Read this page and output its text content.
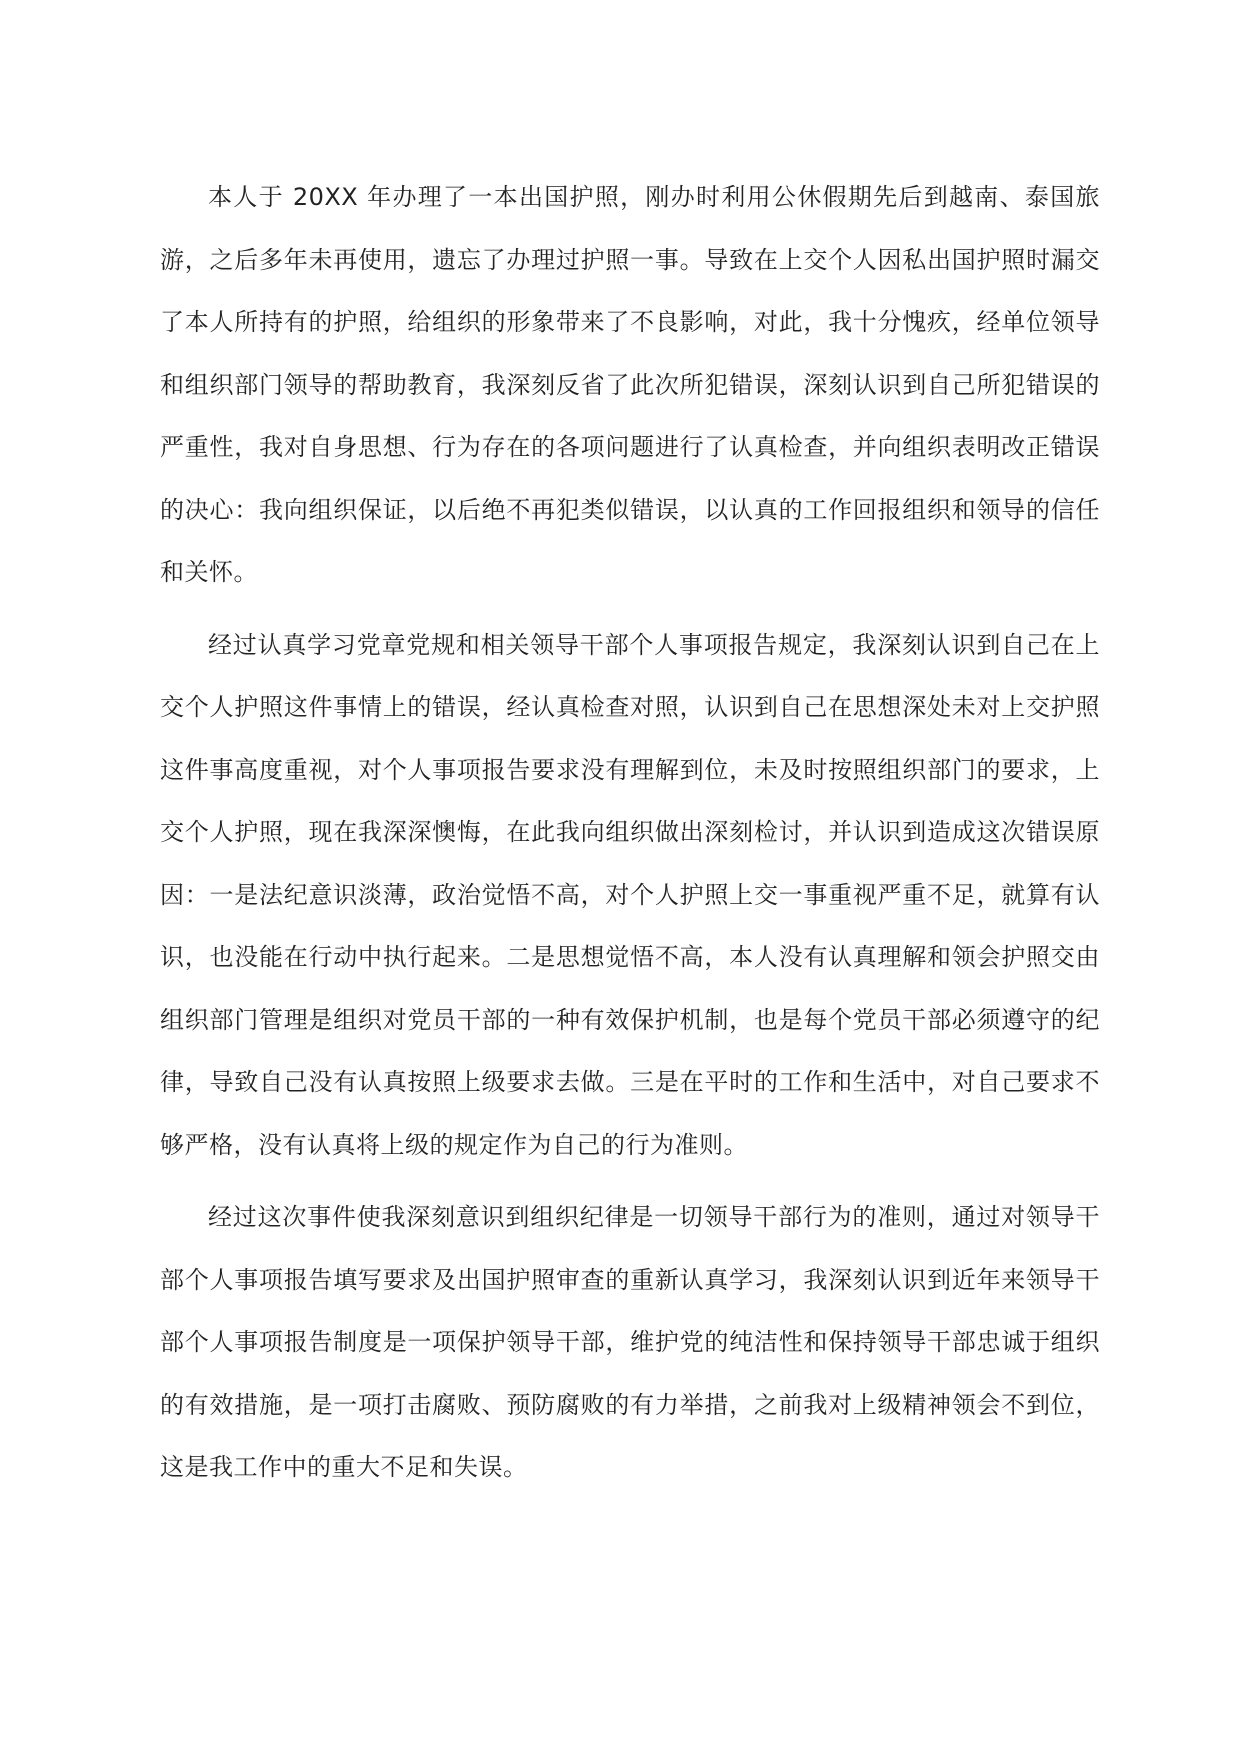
本人于 20XX 年办理了一本出国护照，刚办时利用公休假期先后到越南、泰国旅游，之后多年未再使用，遗忘了办理过护照一事。导致在上交个人因私出国护照时漏交了本人所持有的护照，给组织的形象带来了不良影响，对此，我十分愧疚，经单位领导和组织部门领导的帮助教育，我深刻反省了此次所犯错误，深刻认识到自己所犯错误的严重性，我对自身思想、行为存在的各项问题进行了认真检查，并向组织表明改正错误的决心：我向组织保证，以后绝不再犯类似错误，以认真的工作回报组织和领导的信任和关怀。

经过认真学习党章党规和相关领导干部个人事项报告规定，我深刻认识到自己在上交个人护照这件事情上的错误，经认真检查对照，认识到自己在思想深处未对上交护照这件事高度重视，对个人事项报告要求没有理解到位，未及时按照组织部门的要求，上交个人护照，现在我深深懊悔，在此我向组织做出深刻检讨，并认识到造成这次错误原因：一是法纪意识淡薄，政治觉悟不高，对个人护照上交一事重视严重不足，就算有认识，也没能在行动中执行起来。二是思想觉悟不高，本人没有认真理解和领会护照交由组织部门管理是组织对党员干部的一种有效保护机制，也是每个党员干部必须遵守的纪律，导致自己没有认真按照上级要求去做。三是在平时的工作和生活中，对自己要求不够严格，没有认真将上级的规定作为自己的行为准则。

经过这次事件使我深刻意识到组织纪律是一切领导干部行为的准则，通过对领导干部个人事项报告填写要求及出国护照审查的重新认真学习，我深刻认识到近年来领导干部个人事项报告制度是一项保护领导干部，维护党的纯洁性和保持领导干部忠诚于组织的有效措施，是一项打击腐败、预防腐败的有力举措，之前我对上级精神领会不到位，这是我工作中的重大不足和失误。
